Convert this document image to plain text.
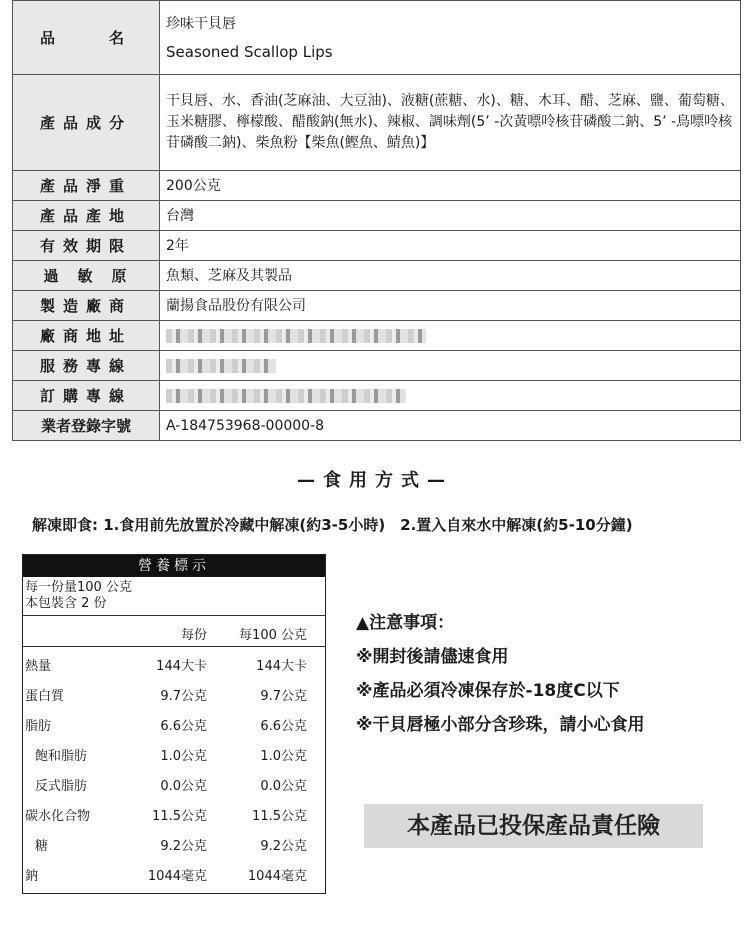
品　　名	珍味干貝唇
Seasoned Scallop Lips

產品成分	干貝唇、水、香油(芝麻油、大豆油)、液糖(蔗糖、水)、糖、木耳、醋、芝麻、鹽、葡萄糖、玉米糖膠、檸檬酸、醋酸鈉(無水)、辣椒、調味劑(5’ -次黃嘌呤核苷磷酸二鈉、5’ -鳥嘌呤核苷磷酸二鈉)、柴魚粉【柴魚(鰹魚、鯖魚)】
產品淨重	200公克
產品產地	台灣
有效期限	2年
過　敏　原	魚類、芝麻及其製品
製造廠商	蘭揚食品股份有限公司
廠商地址	
服務專線	
訂購專線	
業者登錄字號	A-184753968-00000-8
—食用方式—
解凍即食: 1.食用前先放置於冷藏中解凍(約3-5小時)　2.置入自來水中解凍(約5-10分鐘)
營養標示
每一份量100 公克
本包裝含 2 份
每份 每100 公克
熱量	144大卡	144大卡
蛋白質	9.7公克	9.7公克
脂肪	6.6公克	6.6公克
飽和脂肪	1.0公克	1.0公克
反式脂肪	0.0公克	0.0公克
碳水化合物	11.5公克	11.5公克
糖	9.2公克	9.2公克
鈉	1044毫克	1044毫克
▲注意事項：
※開封後請儘速食用
※產品必須冷凍保存於-18度C以下
※干貝唇極小部分含珍珠，請小心食用
本產品已投保產品責任險
